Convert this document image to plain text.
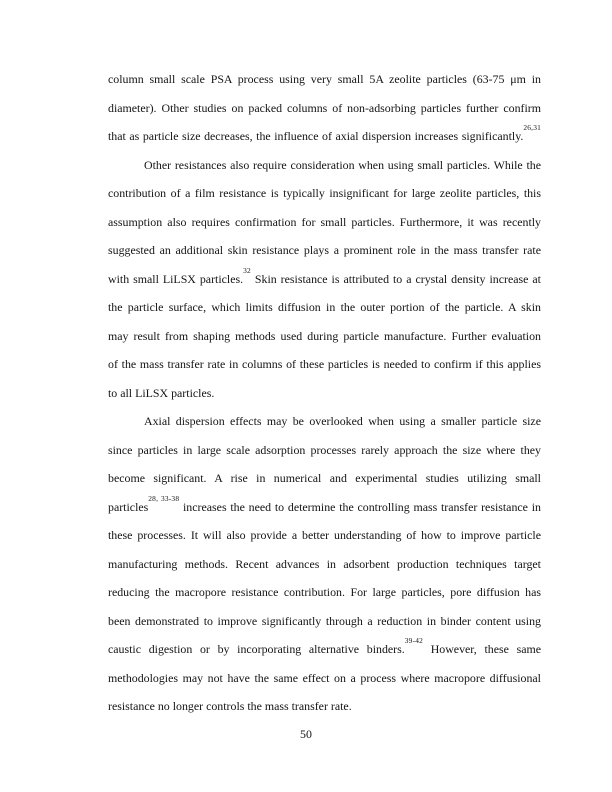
column small scale PSA process using very small 5A zeolite particles (63-75 μm in
diameter). Other studies on packed columns of non-adsorbing particles further confirm
that as particle size decreases, the influence of axial dispersion increases significantly.$^{26,31}$
Other resistances also require consideration when using small particles. While the
contribution of a film resistance is typically insignificant for large zeolite particles, this
assumption also requires confirmation for small particles. Furthermore, it was recently
suggested an additional skin resistance plays a prominent role in the mass transfer rate
with small LiLSX particles.$^{32}$ Skin resistance is attributed to a crystal density increase at
the particle surface, which limits diffusion in the outer portion of the particle. A skin
may result from shaping methods used during particle manufacture. Further evaluation
of the mass transfer rate in columns of these particles is needed to confirm if this applies
to all LiLSX particles.
Axial dispersion effects may be overlooked when using a smaller particle size
since particles in large scale adsorption processes rarely approach the size where they
become significant. A rise in numerical and experimental studies utilizing small
particles$^{28, 33-38}$ increases the need to determine the controlling mass transfer resistance in
these processes. It will also provide a better understanding of how to improve particle
manufacturing methods. Recent advances in adsorbent production techniques target
reducing the macropore resistance contribution. For large particles, pore diffusion has
been demonstrated to improve significantly through a reduction in binder content using
caustic digestion or by incorporating alternative binders.$^{39-42}$ However, these same
methodologies may not have the same effect on a process where macropore diffusional
resistance no longer controls the mass transfer rate.
50
